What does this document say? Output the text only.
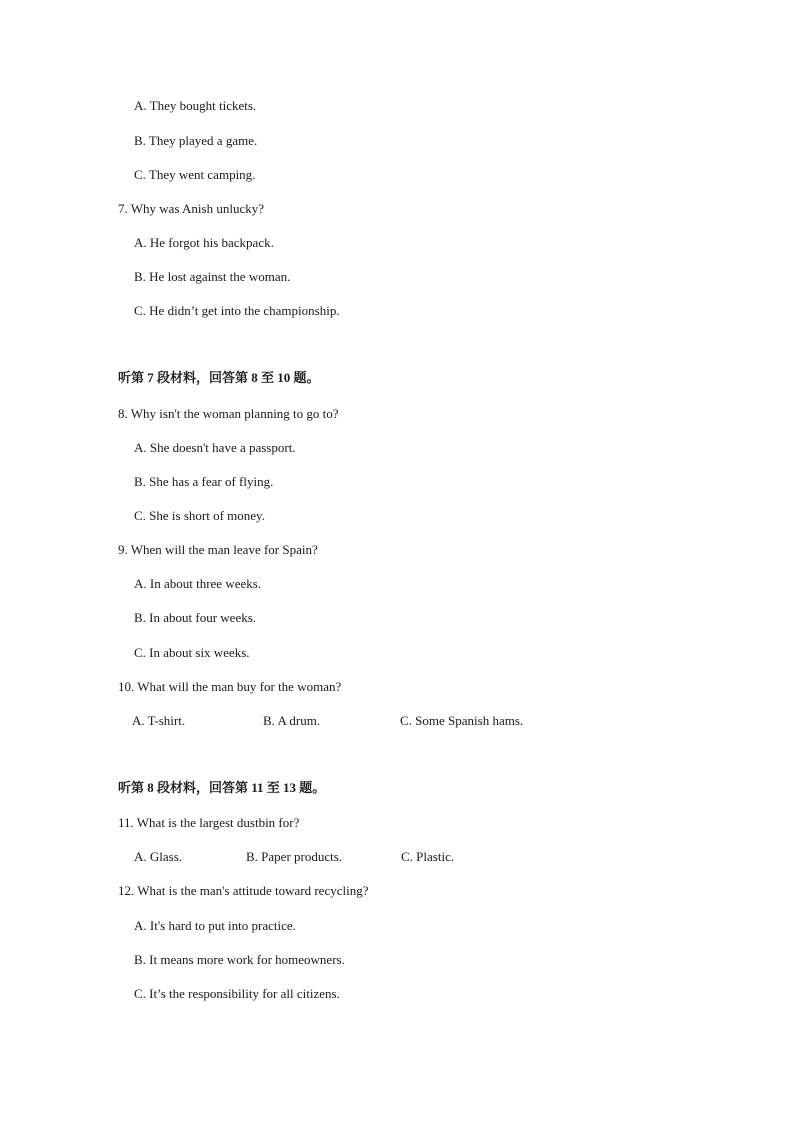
A. They bought tickets.
B. They played a game.
C. They went camping.
7. Why was Anish unlucky?
A. He forgot his backpack.
B. He lost against the woman.
C. He didn’t get into the championship.
听第 7 段材料，回答第 8 至 10 题。
8. Why isn't the woman planning to go to?
A. She doesn't have a passport.
B. She has a fear of flying.
C. She is short of money.
9. When will the man leave for Spain?
A. In about three weeks.
B. In about four weeks.
C. In about six weeks.
10. What will the man buy for the woman?
A. T-shirt.	B. A drum.	C. Some Spanish hams.
听第 8 段材料，回答第 11 至 13 题。
11. What is the largest dustbin for?
A. Glass.	B. Paper products.	C. Plastic.
12. What is the man's attitude toward recycling?
A. It's hard to put into practice.
B. It means more work for homeowners.
C. It’s the responsibility for all citizens.
